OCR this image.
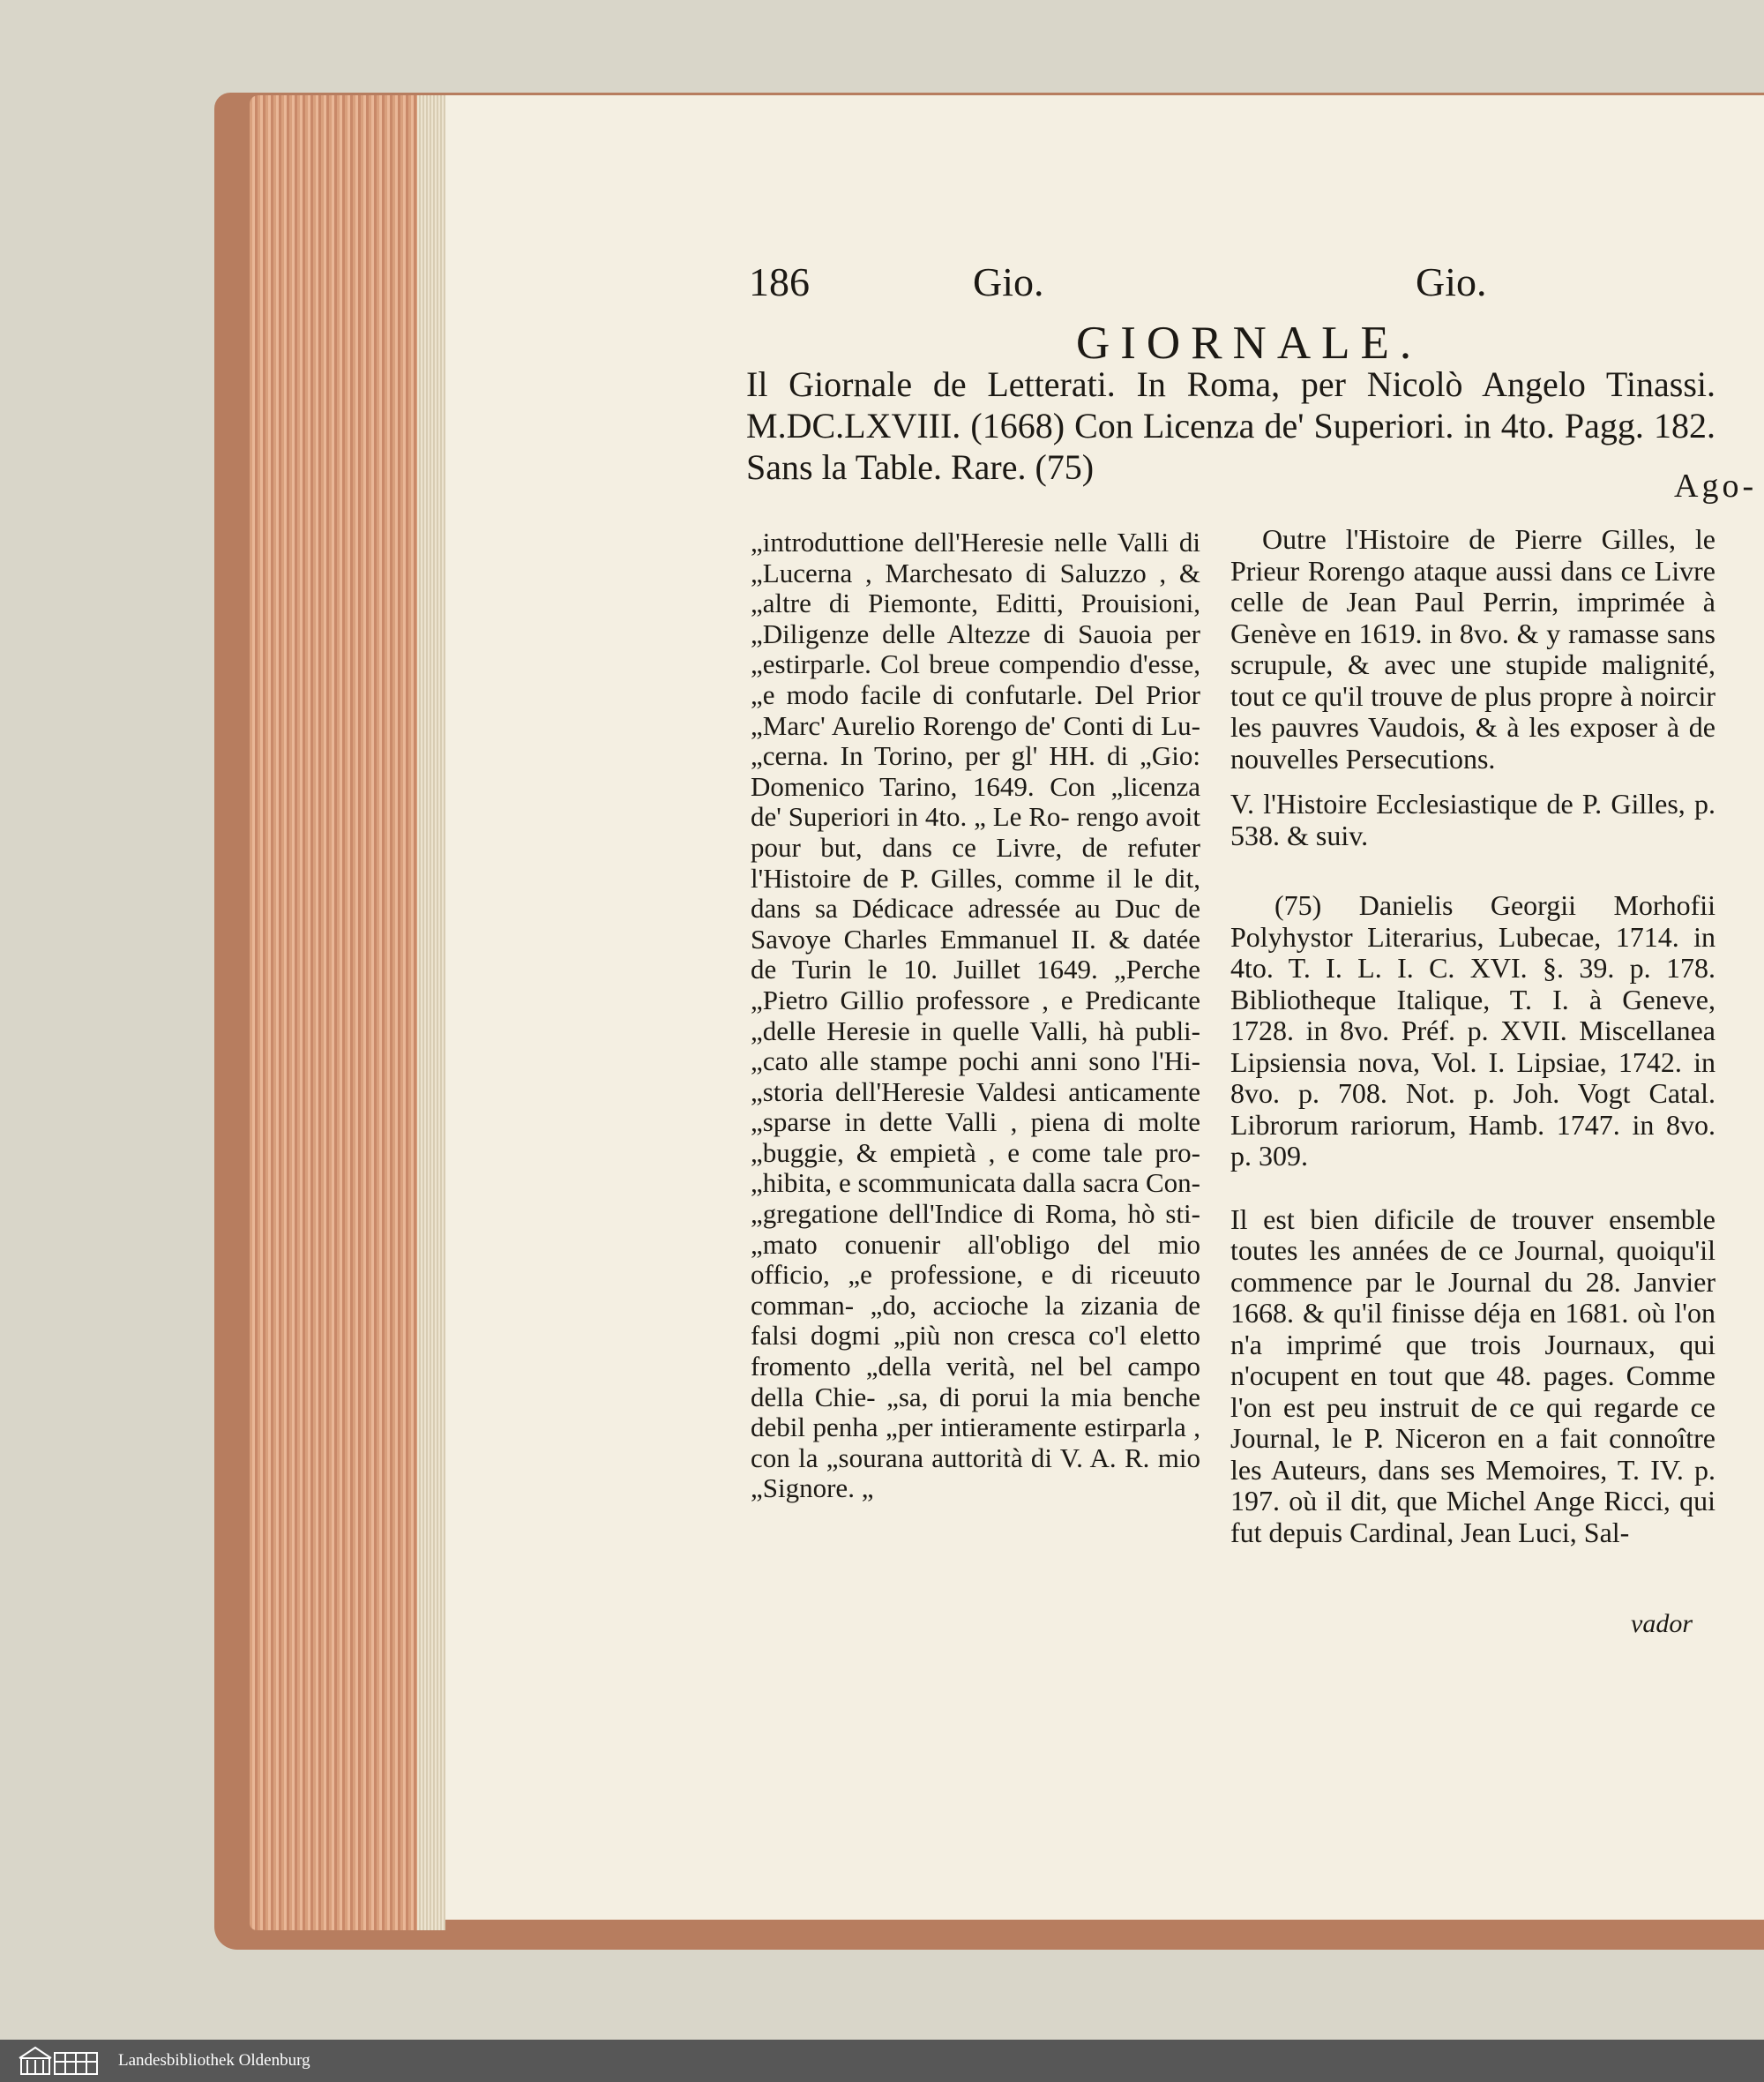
186	Gio.	Gio.
GIORNALE.

Il Giornale de Letterati. In Roma, per Nicolò Angelo Tinassi. M.DC.LXVIII. (1668) Con Licenza de' Superiori. in 4to. Pagg. 182. Sans la Table. Rare. (75)	Ago-
„introduttione dell'Heresie nelle Valli di „Lucerna , Marchesato di Saluzzo , & „altre di Piemonte, Editti, Prouisioni, „Diligenze delle Altezze di Sauoia per „estirparle. Col breue compendio d'esse, „e modo facile di confutarle. Del Prior „Marc' Aurelio Rorengo de' Conti di Lu- „cerna. In Torino, per gl' HH. di „Gio: Domenico Tarino, 1649. Con „licenza de' Superiori in 4to. „ Le Ro- rengo avoit pour but, dans ce Livre, de refuter l'Histoire de P. Gilles, comme il le dit, dans sa Dédicace adressée au Duc de Savoye Charles Emmanuel II. & datée de Turin le 10. Juillet 1649. „Perche „Pietro Gillio professore , e Predicante „delle Heresie in quelle Valli, hà publi- „cato alle stampe pochi anni sono l'Hi- „storia dell'Heresie Valdesi anticamente „sparse in dette Valli , piena di molte „buggie, & empietà , e come tale pro- „hibita, e scommunicata dalla sacra Con- „gregatione dell'Indice di Roma, hò sti- „mato conuenir all'obligo del mio officio, „e professione, e di riceuuto comman- „do, accioche la zizania de falsi dogmi „più non cresca co'l eletto fromento „della verità, nel bel campo della Chie- „sa, di porui la mia benche debil penha „per intieramente estirparla , con la „sourana auttorità di V. A. R. mio „Signore. „

Outre l'Histoire de Pierre Gilles, le Prieur Rorengo ataque aussi dans ce Livre celle de Jean Paul Perrin, imprimée à Genève en 1619. in 8vo. & y ramasse sans scrupule, & avec une stupide malignité, tout ce qu'il trouve de plus propre à noircir les pauvres Vaudois, & à les exposer à de nouvelles Persecutions.

V. l'Histoire Ecclesiastique de P. Gilles, p. 538. & suiv.

(75) Danielis Georgii Morhofii Polyhystor Literarius, Lubecae, 1714. in 4to. T. I. L. I. C. XVI. §. 39. p. 178. Bibliotheque Italique, T. I. à Geneve, 1728. in 8vo. Préf. p. XVII. Miscellanea Lipsiensia nova, Vol. I. Lipsiae, 1742. in 8vo. p. 708. Not. p. Joh. Vogt Catal. Librorum rariorum, Hamb. 1747. in 8vo. p. 309.

Il est bien dificile de trouver ensemble toutes les années de ce Journal, quoiqu'il commence par le Journal du 28. Janvier 1668. & qu'il finisse déja en 1681. où l'on n'a imprimé que trois Journaux, qui n'ocupent en tout que 48. pages. Comme l'on est peu instruit de ce qui regarde ce Journal, le P. Niceron en a fait connoître les Auteurs, dans ses Memoires, T. IV. p. 197. où il dit, que Michel Ange Ricci, qui fut depuis Cardinal, Jean Luci, Sal-

vador
Landesbibliothek Oldenburg
